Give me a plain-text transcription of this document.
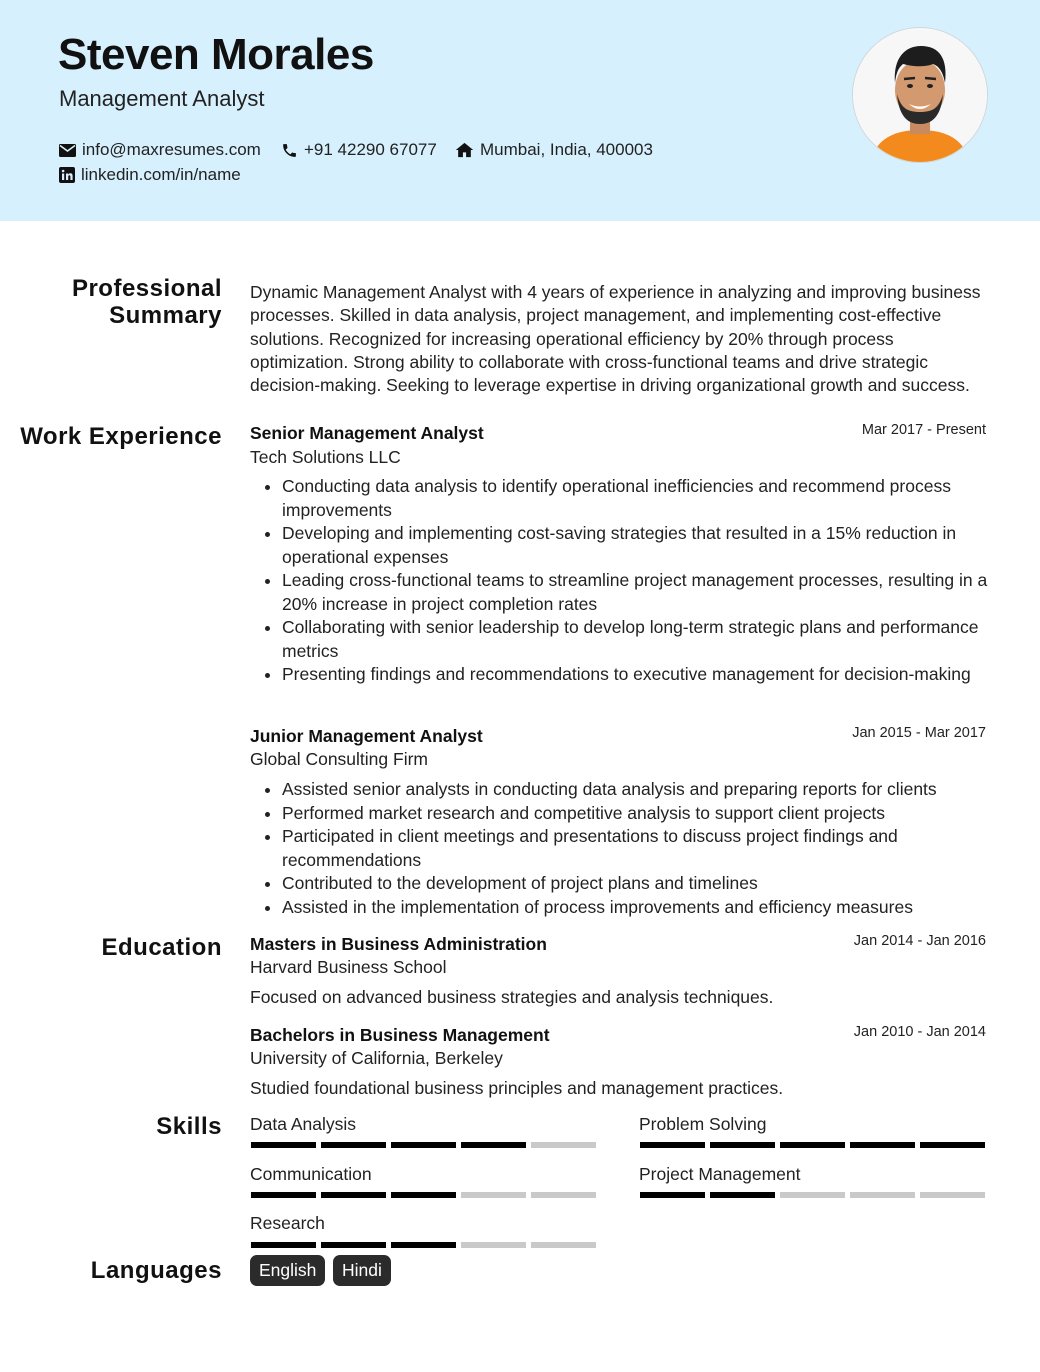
Steven Morales
Management Analyst
info@maxresumes.com	+91 42290 67077	Mumbai, India, 400003
linkedin.com/in/name
Professional Summary
Dynamic Management Analyst with 4 years of experience in analyzing and improving business processes. Skilled in data analysis, project management, and implementing cost-effective solutions. Recognized for increasing operational efficiency by 20% through process optimization. Strong ability to collaborate with cross-functional teams and drive strategic decision-making. Seeking to leverage expertise in driving organizational growth and success.
Work Experience Senior Management Analyst	Mar 2017 - Present
Tech Solutions LLC
• Conducting data analysis to identify operational inefficiencies and recommend process improvements
• Developing and implementing cost-saving strategies that resulted in a 15% reduction in operational expenses
• Leading cross-functional teams to streamline project management processes, resulting in a 20% increase in project completion rates
• Collaborating with senior leadership to develop long-term strategic plans and performance metrics
• Presenting findings and recommendations to executive management for decision-making
Junior Management Analyst	Jan 2015 - Mar 2017
Global Consulting Firm
• Assisted senior analysts in conducting data analysis and preparing reports for clients
• Performed market research and competitive analysis to support client projects
• Participated in client meetings and presentations to discuss project findings and recommendations
• Contributed to the development of project plans and timelines
• Assisted in the implementation of process improvements and efficiency measures
Education Masters in Business Administration	Jan 2014 - Jan 2016
Harvard Business School
Focused on advanced business strategies and analysis techniques.
Bachelors in Business Management	Jan 2010 - Jan 2014
University of California, Berkeley
Studied foundational business principles and management practices.
Skills Data Analysis	Problem Solving
Communication	Project Management
Research
Languages	English	Hindi
